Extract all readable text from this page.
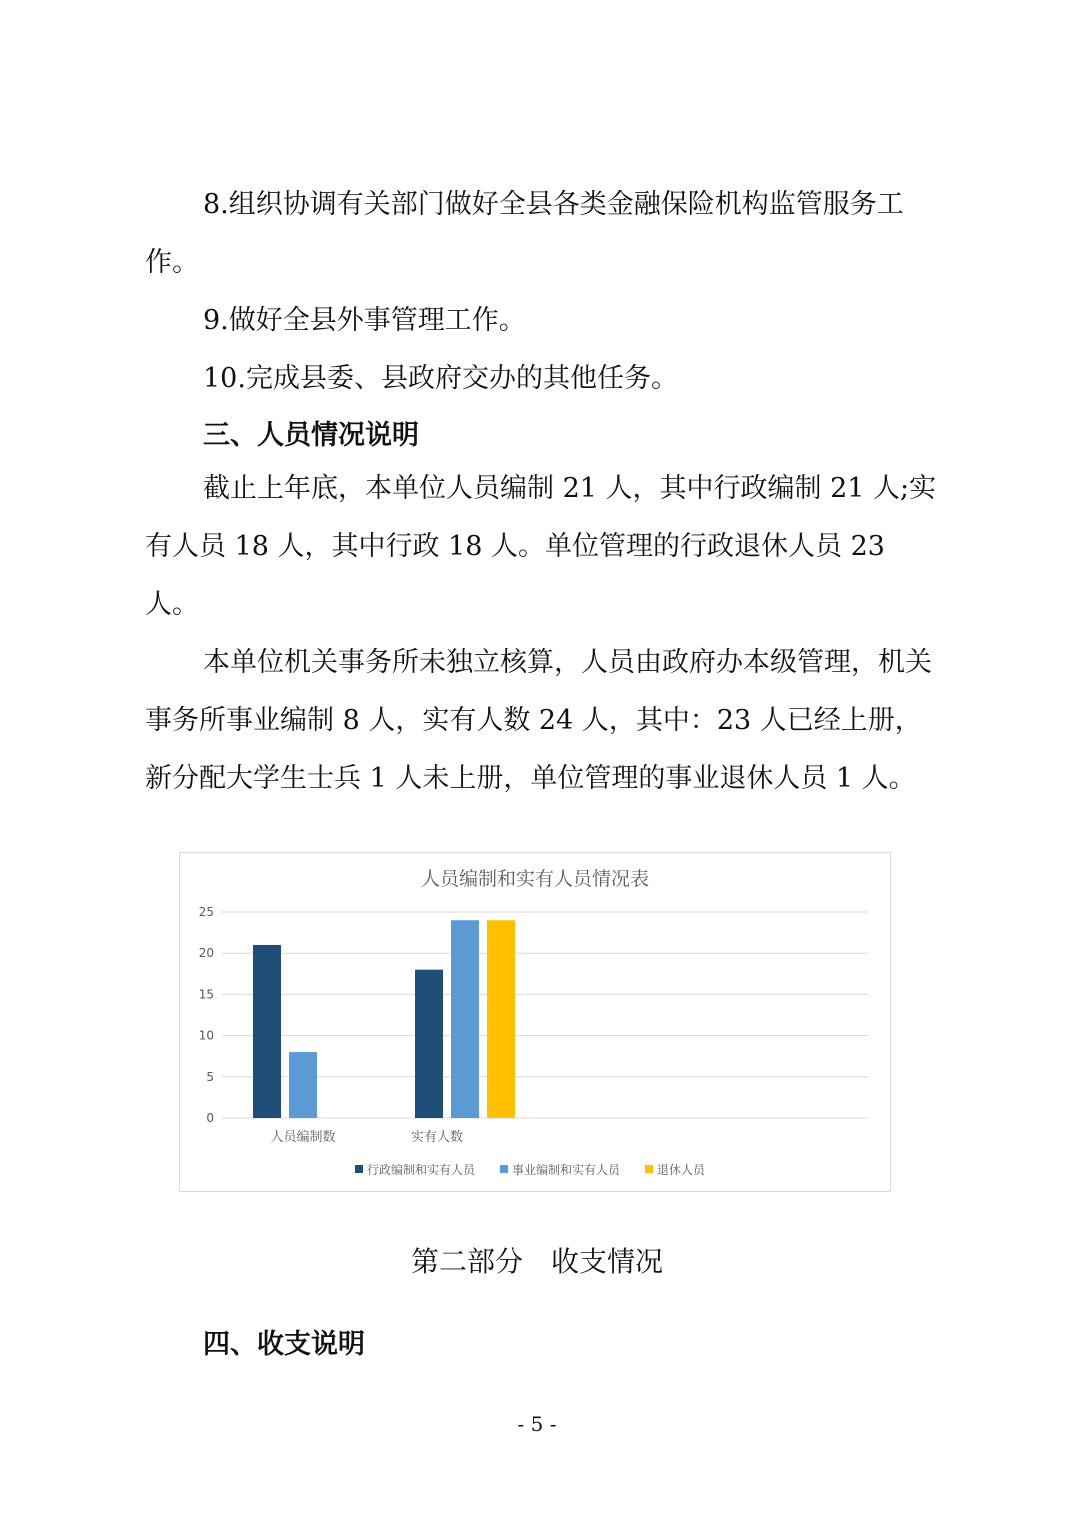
8.组织协调有关部门做好全县各类金融保险机构监管服务工作。

9.做好全县外事管理工作。

10.完成县委、县政府交办的其他任务。

三、人员情况说明

截止上年底，本单位人员编制 21 人，其中行政编制 21 人;实有人员 18 人，其中行政 18 人。单位管理的行政退休人员 23 人。

本单位机关事务所未独立核算，人员由政府办本级管理，机关事务所事业编制 8 人，实有人数 24 人，其中：23 人已经上册，新分配大学生士兵 1 人未上册，单位管理的事业退休人员 1 人。

人员编制和实有人员情况表
0
5
10
15
20
25
人员编制数	实有人数
行政编制和实有人员	事业编制和实有人员	退休人员

第二部分　收支情况

四、收支说明

- 5 -
